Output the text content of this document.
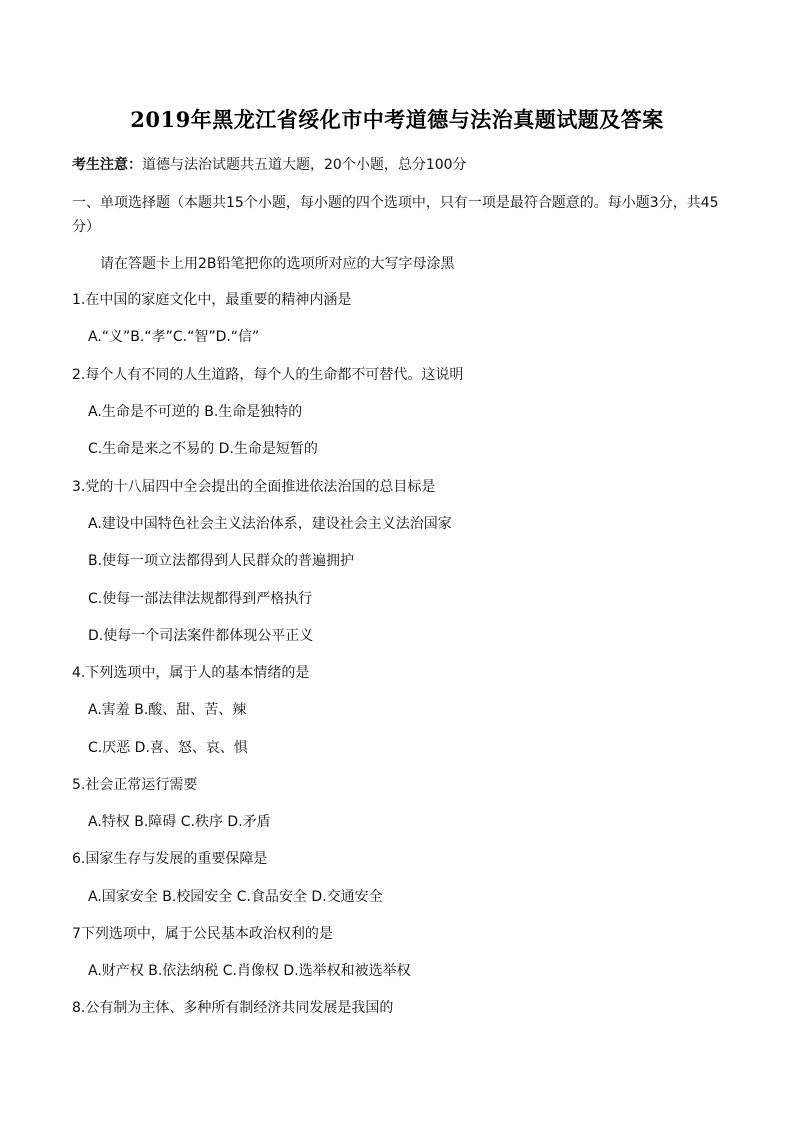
2019年黑龙江省绥化市中考道德与法治真题试题及答案
考生注意：道德与法治试题共五道大题，20个小题，总分100分
一、单项选择题（本题共15个小题，每小题的四个选项中，只有一项是最符合题意的。每小题3分，共45分）
请在答题卡上用2B铅笔把你的选项所对应的大写字母涂黑
1.在中国的家庭文化中，最重要的精神内涵是
A.“义”B.“孝”C.“智”D.“信”
2.每个人有不同的人生道路，每个人的生命都不可替代。这说明
A.生命是不可逆的 B.生命是独特的
C.生命是来之不易的 D.生命是短暂的
3.党的十八届四中全会提出的全面推进依法治国的总目标是
A.建设中国特色社会主义法治体系，建设社会主义法治国家
B.使每一项立法都得到人民群众的普遍拥护
C.使每一部法律法规都得到严格执行
D.使每一个司法案件都体现公平正义
4.下列选项中，属于人的基本情绪的是
A.害羞 B.酸、甜、苦、辣
C.厌恶 D.喜、怒、哀、惧
5.社会正常运行需要
A.特权 B.障碍 C.秩序 D.矛盾
6.国家生存与发展的重要保障是
A.国家安全 B.校园安全 C.食品安全 D.交通安全
7下列选项中，属于公民基本政治权利的是
A.财产权 B.依法纳税 C.肖像权 D.选举权和被选举权
8.公有制为主体、多种所有制经济共同发展是我国的
